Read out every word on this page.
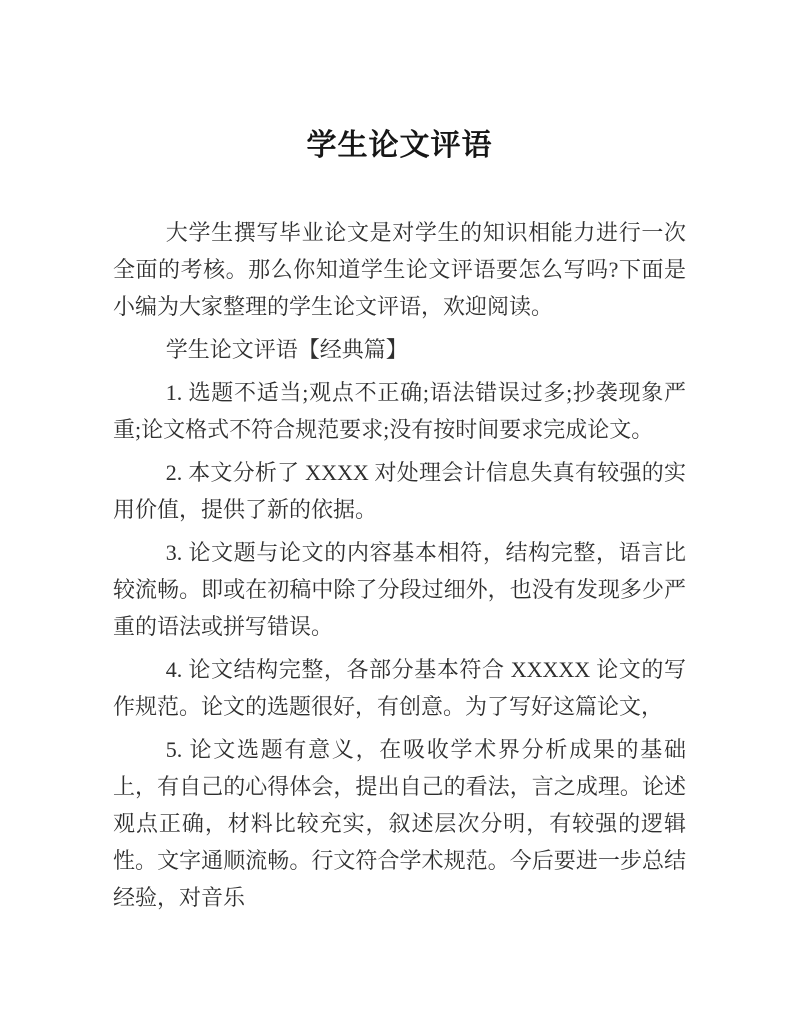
学生论文评语

大学生撰写毕业论文是对学生的知识相能力进行一次全面的考核。那么你知道学生论文评语要怎么写吗?下面是小编为大家整理的学生论文评语，欢迎阅读。

学生论文评语【经典篇】

1. 选题不适当;观点不正确;语法错误过多;抄袭现象严重;论文格式不符合规范要求;没有按时间要求完成论文。

2. 本文分析了 XXXX 对处理会计信息失真有较强的实用价值，提供了新的依据。

3. 论文题与论文的内容基本相符，结构完整，语言比较流畅。即或在初稿中除了分段过细外，也没有发现多少严重的语法或拼写错误。

4. 论文结构完整，各部分基本符合 XXXXX 论文的写作规范。论文的选题很好，有创意。为了写好这篇论文，

5. 论文选题有意义，在吸收学术界分析成果的基础上，有自己的心得体会，提出自己的看法，言之成理。论述观点正确，材料比较充实，叙述层次分明，有较强的逻辑性。文字通顺流畅。行文符合学术规范。今后要进一步总结经验，对音乐
